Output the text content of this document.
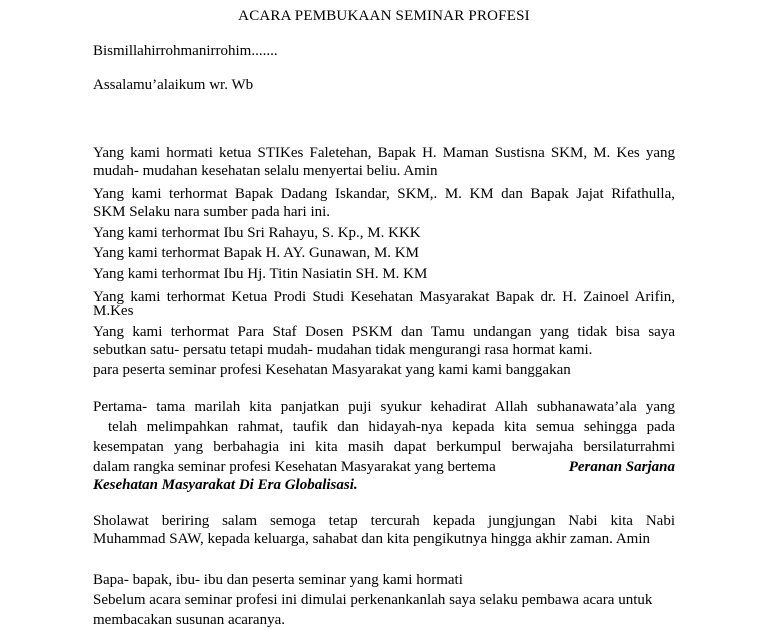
ACARA PEMBUKAAN SEMINAR PROFESI
Bismillahirrohmanirrohim.......
Assalamu’alaikum wr. Wb
Yang kami hormati ketua STIKes Faletehan, Bapak H. Maman Sustisna SKM, M. Kes yang
mudah- mudahan kesehatan selalu menyertai beliu. Amin
Yang kami terhormat Bapak Dadang Iskandar, SKM,. M. KM dan Bapak Jajat Rifathulla,
SKM Selaku nara sumber pada hari ini.
Yang kami terhormat Ibu Sri Rahayu, S. Kp., M. KKK
Yang kami terhormat Bapak H. AY. Gunawan, M. KM
Yang kami terhormat Ibu Hj. Titin Nasiatin SH. M. KM
Yang kami terhormat Ketua Prodi Studi Kesehatan Masyarakat Bapak dr. H. Zainoel Arifin,
M.Kes
Yang kami terhormat Para Staf Dosen PSKM dan Tamu undangan yang tidak bisa saya
sebutkan satu- persatu tetapi mudah- mudahan tidak mengurangi rasa hormat kami.
para peserta seminar profesi Kesehatan Masyarakat yang kami kami banggakan
Pertama- tama marilah kita panjatkan puji syukur kehadirat Allah subhanawata’ala yang
telah melimpahkan rahmat, taufik dan hidayah-nya kepada kita semua sehingga pada
kesempatan yang berbahagia ini kita masih dapat berkumpul berwajaha bersilaturrahmi
dalam rangka seminar profesi Kesehatan Masyarakat yang bertema	Peranan Sarjana
Kesehatan Masyarakat Di Era Globalisasi.
Sholawat beriring salam semoga tetap tercurah kepada jungjungan Nabi kita Nabi
Muhammad SAW, kepada keluarga, sahabat dan kita pengikutnya hingga akhir zaman. Amin
Bapa- bapak, ibu- ibu dan peserta seminar yang kami hormati
Sebelum acara seminar profesi ini dimulai perkenankanlah saya selaku pembawa acara untuk
membacakan susunan acaranya.
